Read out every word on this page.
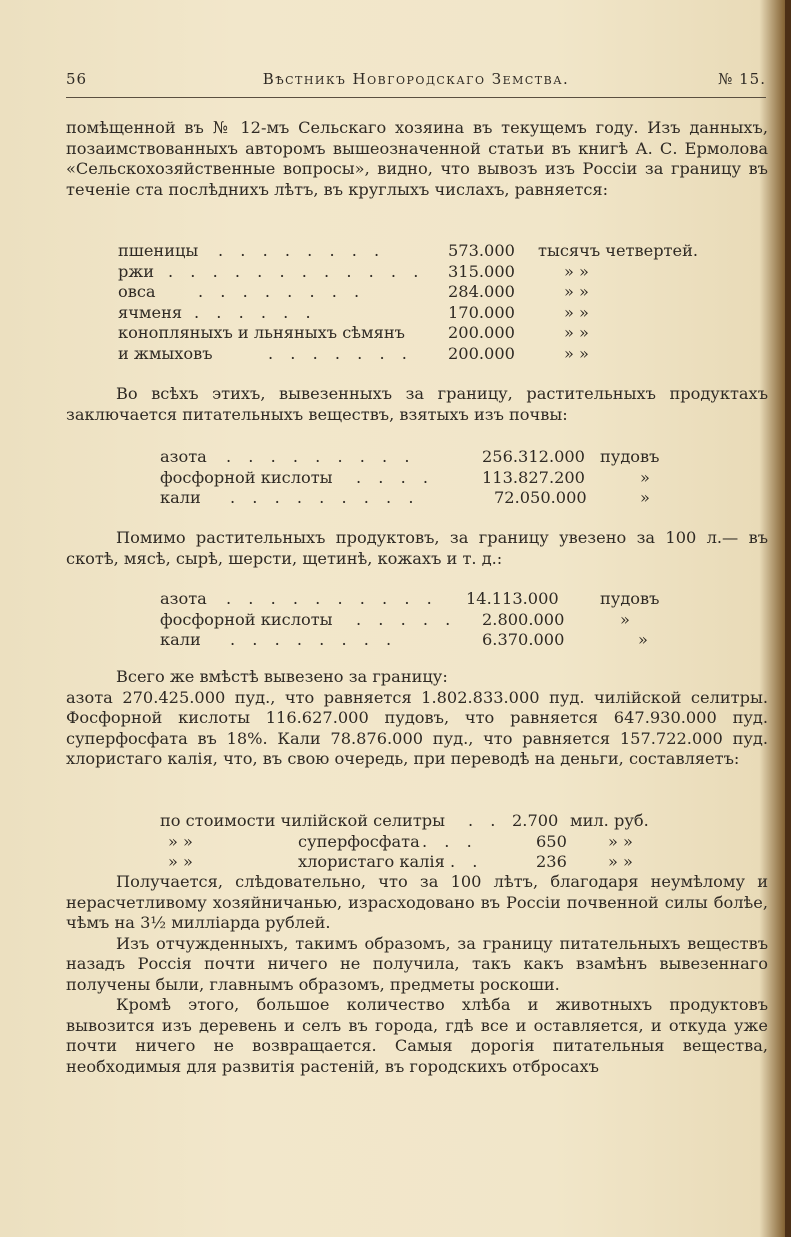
56	Вѣстникъ Новгородскаго Земства.	№ 15.

помѣщенной въ № 12-мъ Сельскаго хозяина въ текущемъ году. Изъ данныхъ, позаимствованныхъ авторомъ вышеозначенной статьи въ книгѣ А. С. Ермолова «Сельскохозяйственные вопросы», видно, что вывозъ изъ Россіи за границу въ теченіе ста послѣднихъ лѣтъ, въ круглыхъ числахъ, равняется:

пшеницы . . . . . . . .	573.000 тысячъ четвертей.
ржи . . . . . . . . . . . . 315.000	» »
овса	. . . . . . . .	284.000	» »
ячменя . . . . . .	170.000	» »
конопляныхъ и льняныхъ сѣмянъ	200.000	» »
и жмыховъ	. . . . . . . 200.000	» »

Во всѣхъ этихъ, вывезенныхъ за границу, растительныхъ продуктахъ заключается питательныхъ веществъ, взятыхъ изъ почвы:

азота . . . . . . . . .	256.312.000 пудовъ
фосфорной кислоты . . . .	113.827.200	»
кали . . . . . . . . .	72.050.000	»

Помимо растительныхъ продуктовъ, за границу увезено за 100 л.— въ скотѣ, мясѣ, сырѣ, шерсти, щетинѣ, кожахъ и т. д.:

азота . . . . . . . . . . 14.113.000	пудовъ
фосфорной кислоты . . . . . 2.800.000	»
кали . . . . . . . .	6.370.000	»

Всего же вмѣстѣ вывезено за границу:

азота 270.425.000 пуд., что равняется 1.802.833.000 пуд. чилійской селитры. Фосфорной кислоты 116.627.000 пудовъ, что равняется 647.930.000 пуд. суперфосфата въ 18%. Кали 78.876.000 пуд., что равняется 157.722.000 пуд. хлористаго калія, что, въ свою очередь, при переводѣ на деньги, составляетъ:

по стоимости чилійской селитры . . 2.700 мил. руб.
» »	суперфосфата . . .	650	» »
» »	хлористаго калія . .	236	» »

Получается, слѣдовательно, что за 100 лѣтъ, благодаря неумѣлому и нерасчетливому хозяйничанью, израсходовано въ Россіи почвенной силы болѣе, чѣмъ на 3½ милліарда рублей.

Изъ отчужденныхъ, такимъ образомъ, за границу питательныхъ веществъ назадъ Россія почти ничего не получила, такъ какъ взамѣнъ вывезеннаго получены были, главнымъ образомъ, предметы роскоши.

Кромѣ этого, большое количество хлѣба и животныхъ продуктовъ вывозится изъ деревень и селъ въ города, гдѣ все и оставляется, и откуда уже почти ничего не возвращается. Самыя дорогія питательныя вещества, необходимыя для развитія растеній, въ городскихъ отбросахъ
